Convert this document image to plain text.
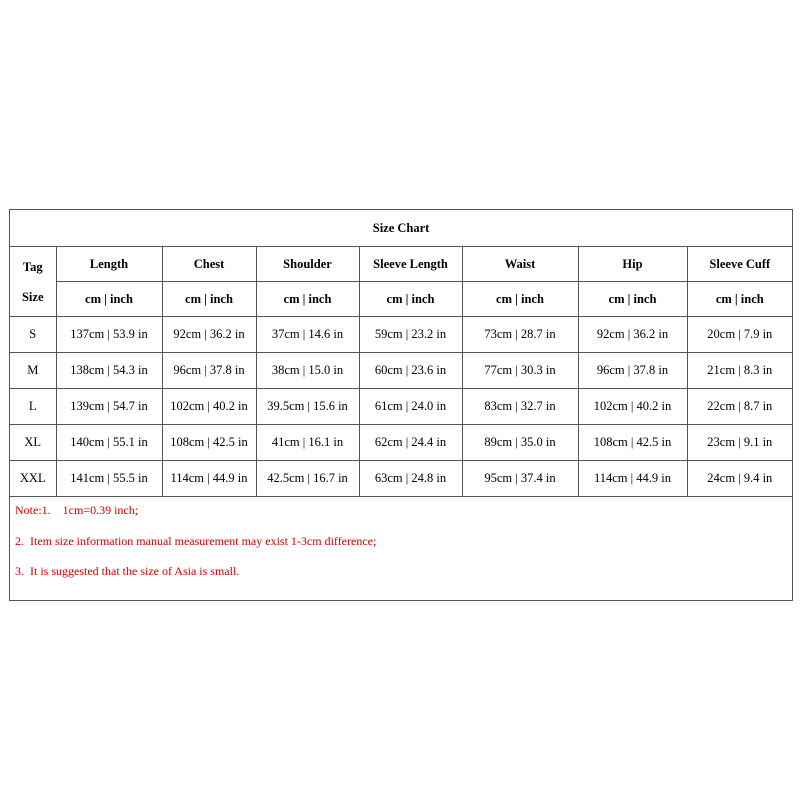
Size Chart							

Tag
Size	Length	Chest	Shoulder	Sleeve Length	Waist	Hip	Sleeve Cuff
	cm | inch	cm | inch	cm | inch	cm | inch	cm | inch	cm | inch	cm | inch
S	137cm | 53.9 in	92cm | 36.2 in	37cm | 14.6 in	59cm | 23.2 in	73cm | 28.7 in	92cm | 36.2 in	20cm | 7.9 in
M	138cm | 54.3 in	96cm | 37.8 in	38cm | 15.0 in	60cm | 23.6 in	77cm | 30.3 in	96cm | 37.8 in	21cm | 8.3 in
L	139cm | 54.7 in	102cm | 40.2 in	39.5cm | 15.6 in	61cm | 24.0 in	83cm | 32.7 in	102cm | 40.2 in	22cm | 8.7 in
XL	140cm | 55.1 in	108cm | 42.5 in	41cm | 16.1 in	62cm | 24.4 in	89cm | 35.0 in	108cm | 42.5 in	23cm | 9.1 in
XXL	141cm | 55.5 in	114cm | 44.9 in	42.5cm | 16.7 in	63cm | 24.8 in	95cm | 37.4 in	114cm | 44.9 in	24cm | 9.4 in
Note:1.    1cm=0.39 inch;
2.  Item size information manual measurement may exist 1-3cm difference;
3.  It is suggested that the size of Asia is small.
